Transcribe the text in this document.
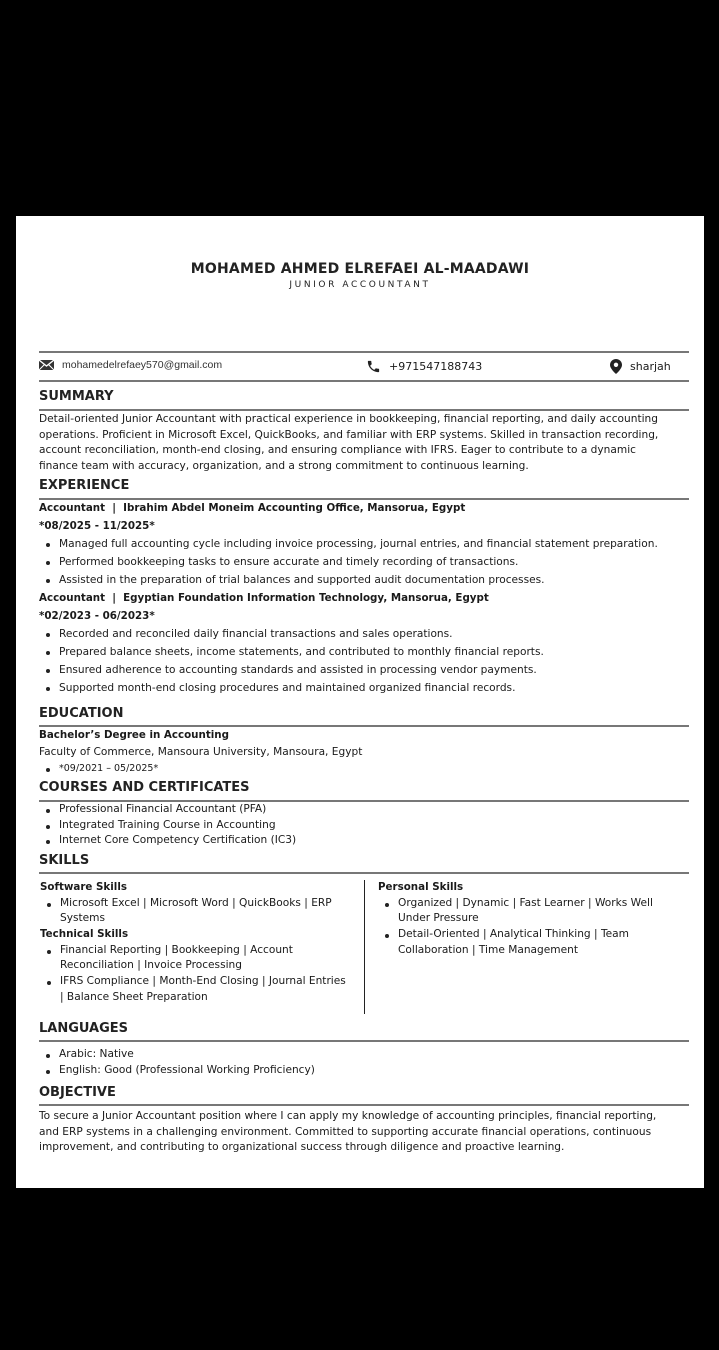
MOHAMED AHMED ELREFAEI AL-MAADAWI
JUNIOR ACCOUNTANT
mohamedelrefaey570@gmail.com	+971547188743	sharjah
SUMMARY
Detail-oriented Junior Accountant with practical experience in bookkeeping, financial reporting, and daily accounting
operations. Proficient in Microsoft Excel, QuickBooks, and familiar with ERP systems. Skilled in transaction recording,
account reconciliation, month-end closing, and ensuring compliance with IFRS. Eager to contribute to a dynamic
finance team with accuracy, organization, and a strong commitment to continuous learning.
EXPERIENCE
Accountant  |  Ibrahim Abdel Moneim Accounting Office, Mansorua, Egypt
*08/2025 - 11/2025*
Managed full accounting cycle including invoice processing, journal entries, and financial statement preparation.
Performed bookkeeping tasks to ensure accurate and timely recording of transactions.
Assisted in the preparation of trial balances and supported audit documentation processes.
Accountant  |  Egyptian Foundation Information Technology, Mansorua, Egypt
*02/2023 - 06/2023*
Recorded and reconciled daily financial transactions and sales operations.
Prepared balance sheets, income statements, and contributed to monthly financial reports.
Ensured adherence to accounting standards and assisted in processing vendor payments.
Supported month-end closing procedures and maintained organized financial records.
EDUCATION
Bachelor’s Degree in Accounting
Faculty of Commerce, Mansoura University, Mansoura, Egypt
*09/2021 – 05/2025*
COURSES AND CERTIFICATES
Professional Financial Accountant (PFA)
Integrated Training Course in Accounting
Internet Core Competency Certification (IC3)
SKILLS
Software Skills
Microsoft Excel | Microsoft Word | QuickBooks | ERP Systems
Technical Skills
Financial Reporting | Bookkeeping | Account Reconciliation | Invoice Processing
IFRS Compliance | Month-End Closing | Journal Entries | Balance Sheet Preparation
Personal Skills
Organized | Dynamic | Fast Learner | Works Well Under Pressure
Detail-Oriented | Analytical Thinking | Team Collaboration | Time Management
LANGUAGES
Arabic: Native
English: Good (Professional Working Proficiency)
OBJECTIVE
To secure a Junior Accountant position where I can apply my knowledge of accounting principles, financial reporting,
and ERP systems in a challenging environment. Committed to supporting accurate financial operations, continuous
improvement, and contributing to organizational success through diligence and proactive learning.
